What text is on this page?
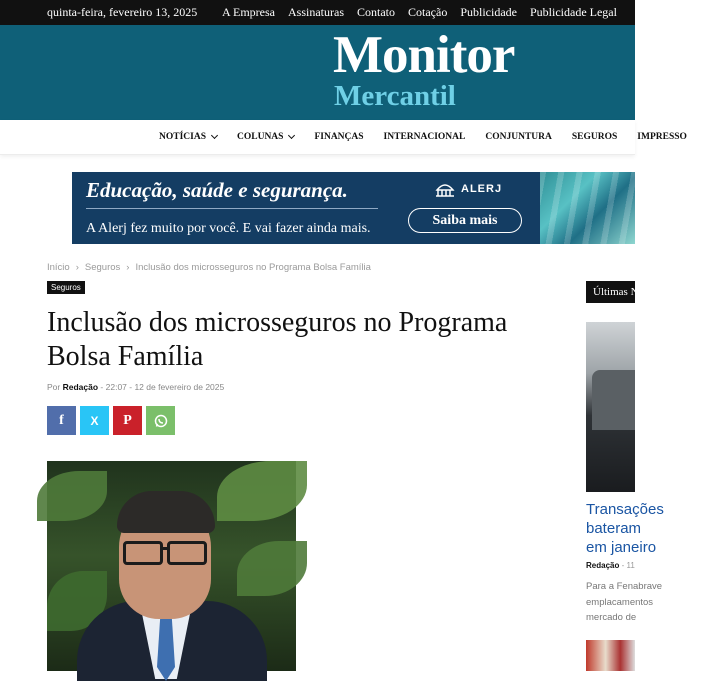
quinta-feira, fevereiro 13, 2025 A Empresa Assinaturas Contato Cotação Publicidade Publicidade Legal
Monitor
Mercantil
NOTÍCIAS	COLUNAS	FINANÇAS INTERNACIONAL CONJUNTURA SEGUROS IMPRESSO
Educação, saúde e segurança.
A Alerj fez muito por você. E vai fazer ainda mais.
ALERJ
Saiba mais
Início › Seguros › Inclusão dos microsseguros no Programa Bolsa Família
Seguros
Inclusão dos microsseguros no Programa Bolsa Família
Por Redação - 22:07 - 12 de fevereiro de 2025
f X P
Últimas Notícias
Transações
bateram
em janeiro
Redação - 11
Para a Fenabrave
emplacamentos
mercado de
